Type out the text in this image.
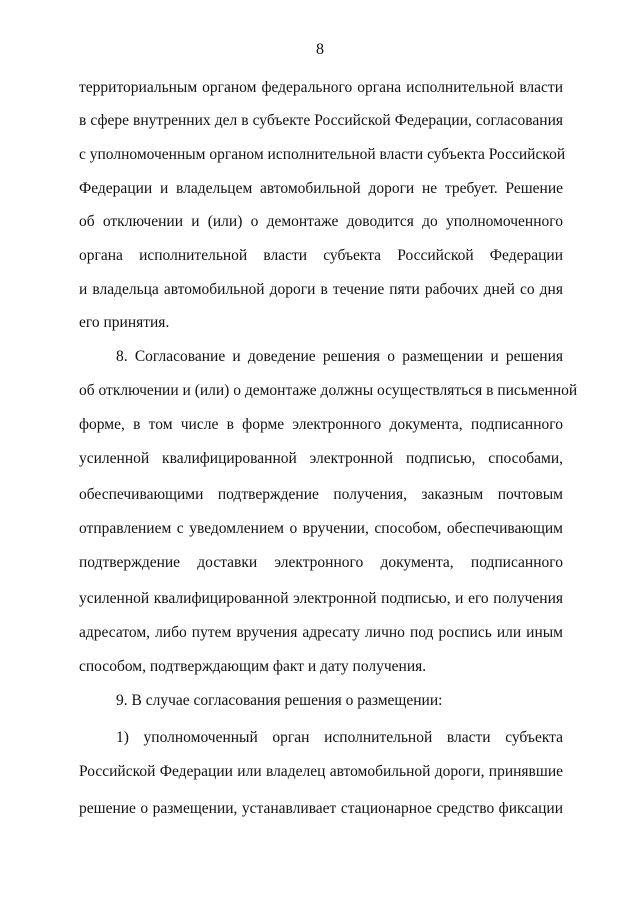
8
территориальным органом федерального органа исполнительной власти
в сфере внутренних дел в субъекте Российской Федерации, согласования
с уполномоченным органом исполнительной власти субъекта Российской
Федерации и владельцем автомобильной дороги не требует. Решение
об отключении и (или) о демонтаже доводится до уполномоченного
органа исполнительной власти субъекта Российской Федерации
и владельца автомобильной дороги в течение пяти рабочих дней со дня
его принятия.
8. Согласование и доведение решения о размещении и решения
об отключении и (или) о демонтаже должны осуществляться в письменной
форме, в том числе в форме электронного документа, подписанного
усиленной квалифицированной электронной подписью, способами,
обеспечивающими подтверждение получения, заказным почтовым
отправлением с уведомлением о вручении, способом, обеспечивающим
подтверждение доставки электронного документа, подписанного
усиленной квалифицированной электронной подписью, и его получения
адресатом, либо путем вручения адресату лично под роспись или иным
способом, подтверждающим факт и дату получения.
9. В случае согласования решения о размещении:
1) уполномоченный орган исполнительной власти субъекта
Российской Федерации или владелец автомобильной дороги, принявшие
решение о размещении, устанавливает стационарное средство фиксации
